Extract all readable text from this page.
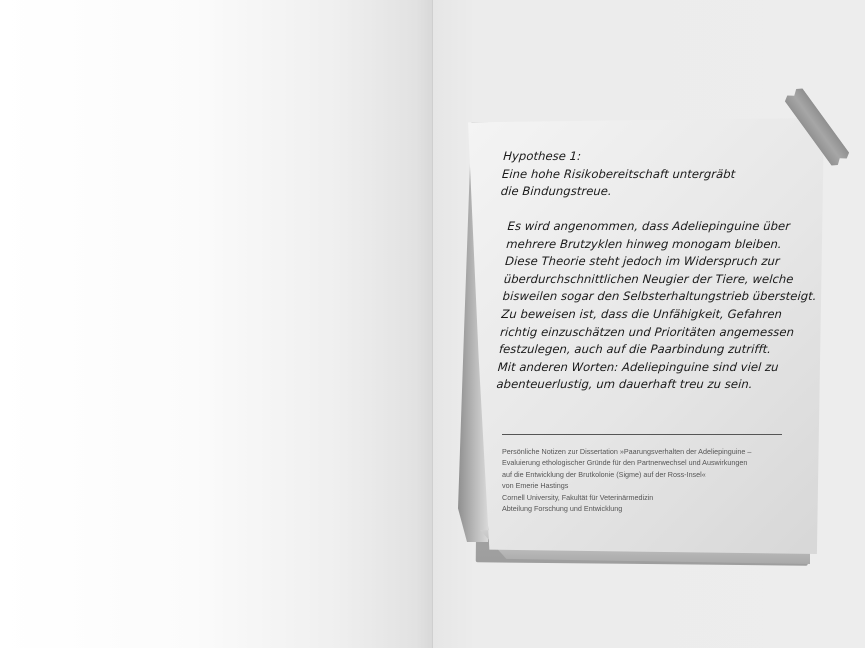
Hypothese 1:
Eine hohe Risikobereitschaft untergräbt
die Bindungstreue.
Es wird angenommen, dass Adeliepinguine über
mehrere Brutzyklen hinweg monogam bleiben.
Diese Theorie steht jedoch im Widerspruch zur
überdurchschnittlichen Neugier der Tiere, welche
bisweilen sogar den Selbsterhaltungstrieb übersteigt.
Zu beweisen ist, dass die Unfähigkeit, Gefahren
richtig einzuschätzen und Prioritäten angemessen
festzulegen, auch auf die Paarbindung zutrifft.
Mit anderen Worten: Adeliepinguine sind viel zu
abenteuerlustig, um dauerhaft treu zu sein.
Persönliche Notizen zur Dissertation »Paarungsverhalten der Adeliepinguine –
Evaluierung ethologischer Gründe für den Partnerwechsel und Auswirkungen
auf die Entwicklung der Brutkolonie (Sigme) auf der Ross-Insel«
von Emerie Hastings
Cornell University, Fakultät für Veterinärmedizin
Abteilung Forschung und Entwicklung
